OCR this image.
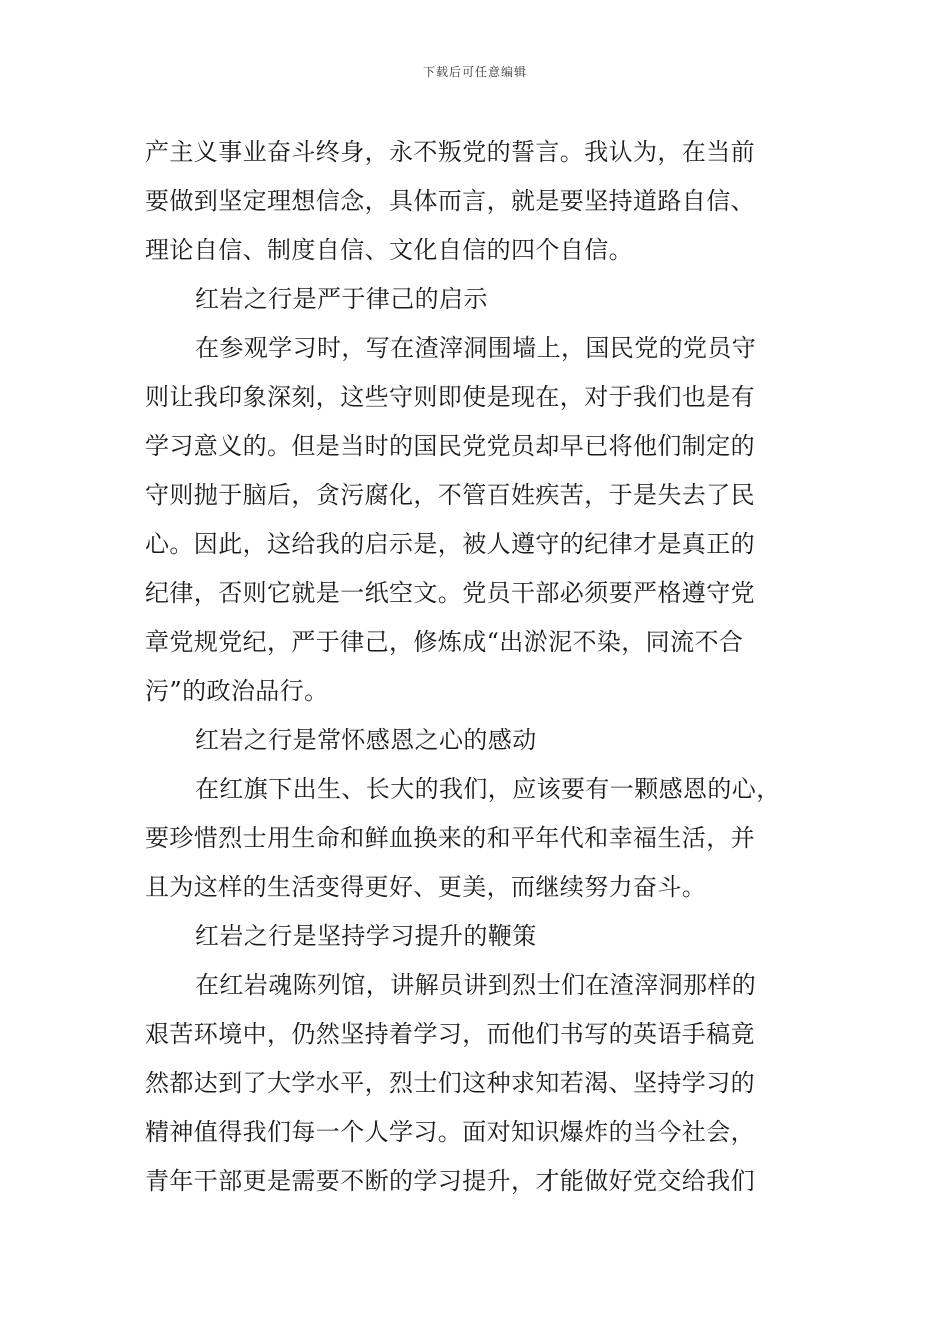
下载后可任意编辑
产主义事业奋斗终身，永不叛党的誓言。我认为，在当前
要做到坚定理想信念，具体而言，就是要坚持道路自信、
理论自信、制度自信、文化自信的四个自信。
红岩之行是严于律己的启示
在参观学习时，写在渣滓洞围墙上，国民党的党员守
则让我印象深刻，这些守则即使是现在，对于我们也是有
学习意义的。但是当时的国民党党员却早已将他们制定的
守则抛于脑后，贪污腐化，不管百姓疾苦，于是失去了民
心。因此，这给我的启示是，被人遵守的纪律才是真正的
纪律，否则它就是一纸空文。党员干部必须要严格遵守党
章党规党纪，严于律己，修炼成“出淤泥不染，同流不合
污”的政治品行。
红岩之行是常怀感恩之心的感动
在红旗下出生、长大的我们，应该要有一颗感恩的心，
要珍惜烈士用生命和鲜血换来的和平年代和幸福生活，并
且为这样的生活变得更好、更美，而继续努力奋斗。
红岩之行是坚持学习提升的鞭策
在红岩魂陈列馆，讲解员讲到烈士们在渣滓洞那样的
艰苦环境中，仍然坚持着学习，而他们书写的英语手稿竟
然都达到了大学水平，烈士们这种求知若渴、坚持学习的
精神值得我们每一个人学习。面对知识爆炸的当今社会，
青年干部更是需要不断的学习提升，才能做好党交给我们
